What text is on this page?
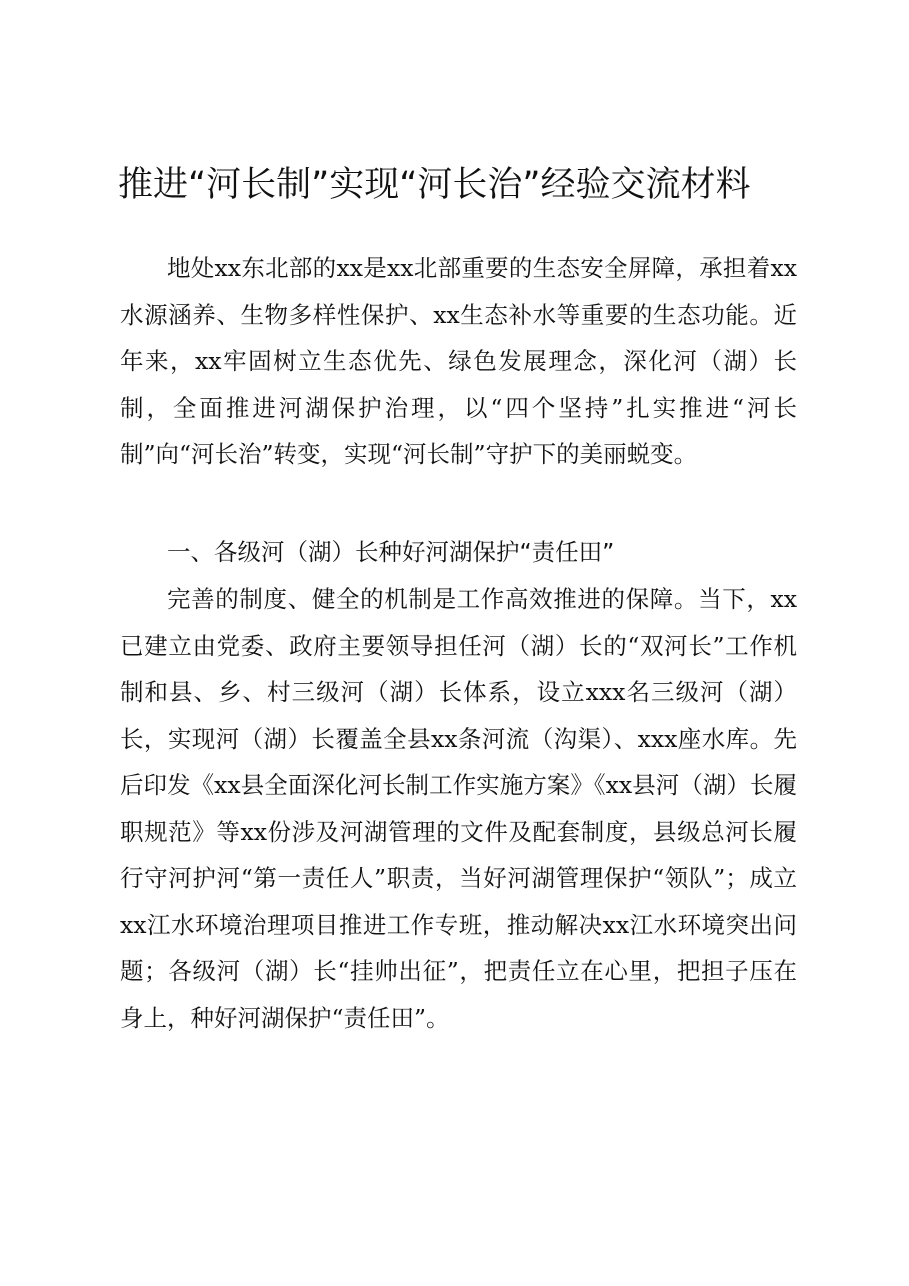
推进“河长制”实现“河长治”经验交流材料

地处xx东北部的xx是xx北部重要的生态安全屏障，承担着xx水源涵养、生物多样性保护、xx生态补水等重要的生态功能。近年来，xx牢固树立生态优先、绿色发展理念，深化河（湖）长制，全面推进河湖保护治理，以“四个坚持”扎实推进“河长制”向“河长治”转变，实现“河长制”守护下的美丽蜕变。

一、各级河（湖）长种好河湖保护“责任田”

完善的制度、健全的机制是工作高效推进的保障。当下，xx已建立由党委、政府主要领导担任河（湖）长的“双河长”工作机制和县、乡、村三级河（湖）长体系，设立xxx名三级河（湖）长，实现河（湖）长覆盖全县xx条河流（沟渠）、xxx座水库。先后印发《xx县全面深化河长制工作实施方案》《xx县河（湖）长履职规范》等xx份涉及河湖管理的文件及配套制度，县级总河长履行守河护河“第一责任人”职责，当好河湖管理保护“领队”；成立xx江水环境治理项目推进工作专班，推动解决xx江水环境突出问题；各级河（湖）长“挂帅出征”，把责任立在心里，把担子压在身上，种好河湖保护“责任田”。
